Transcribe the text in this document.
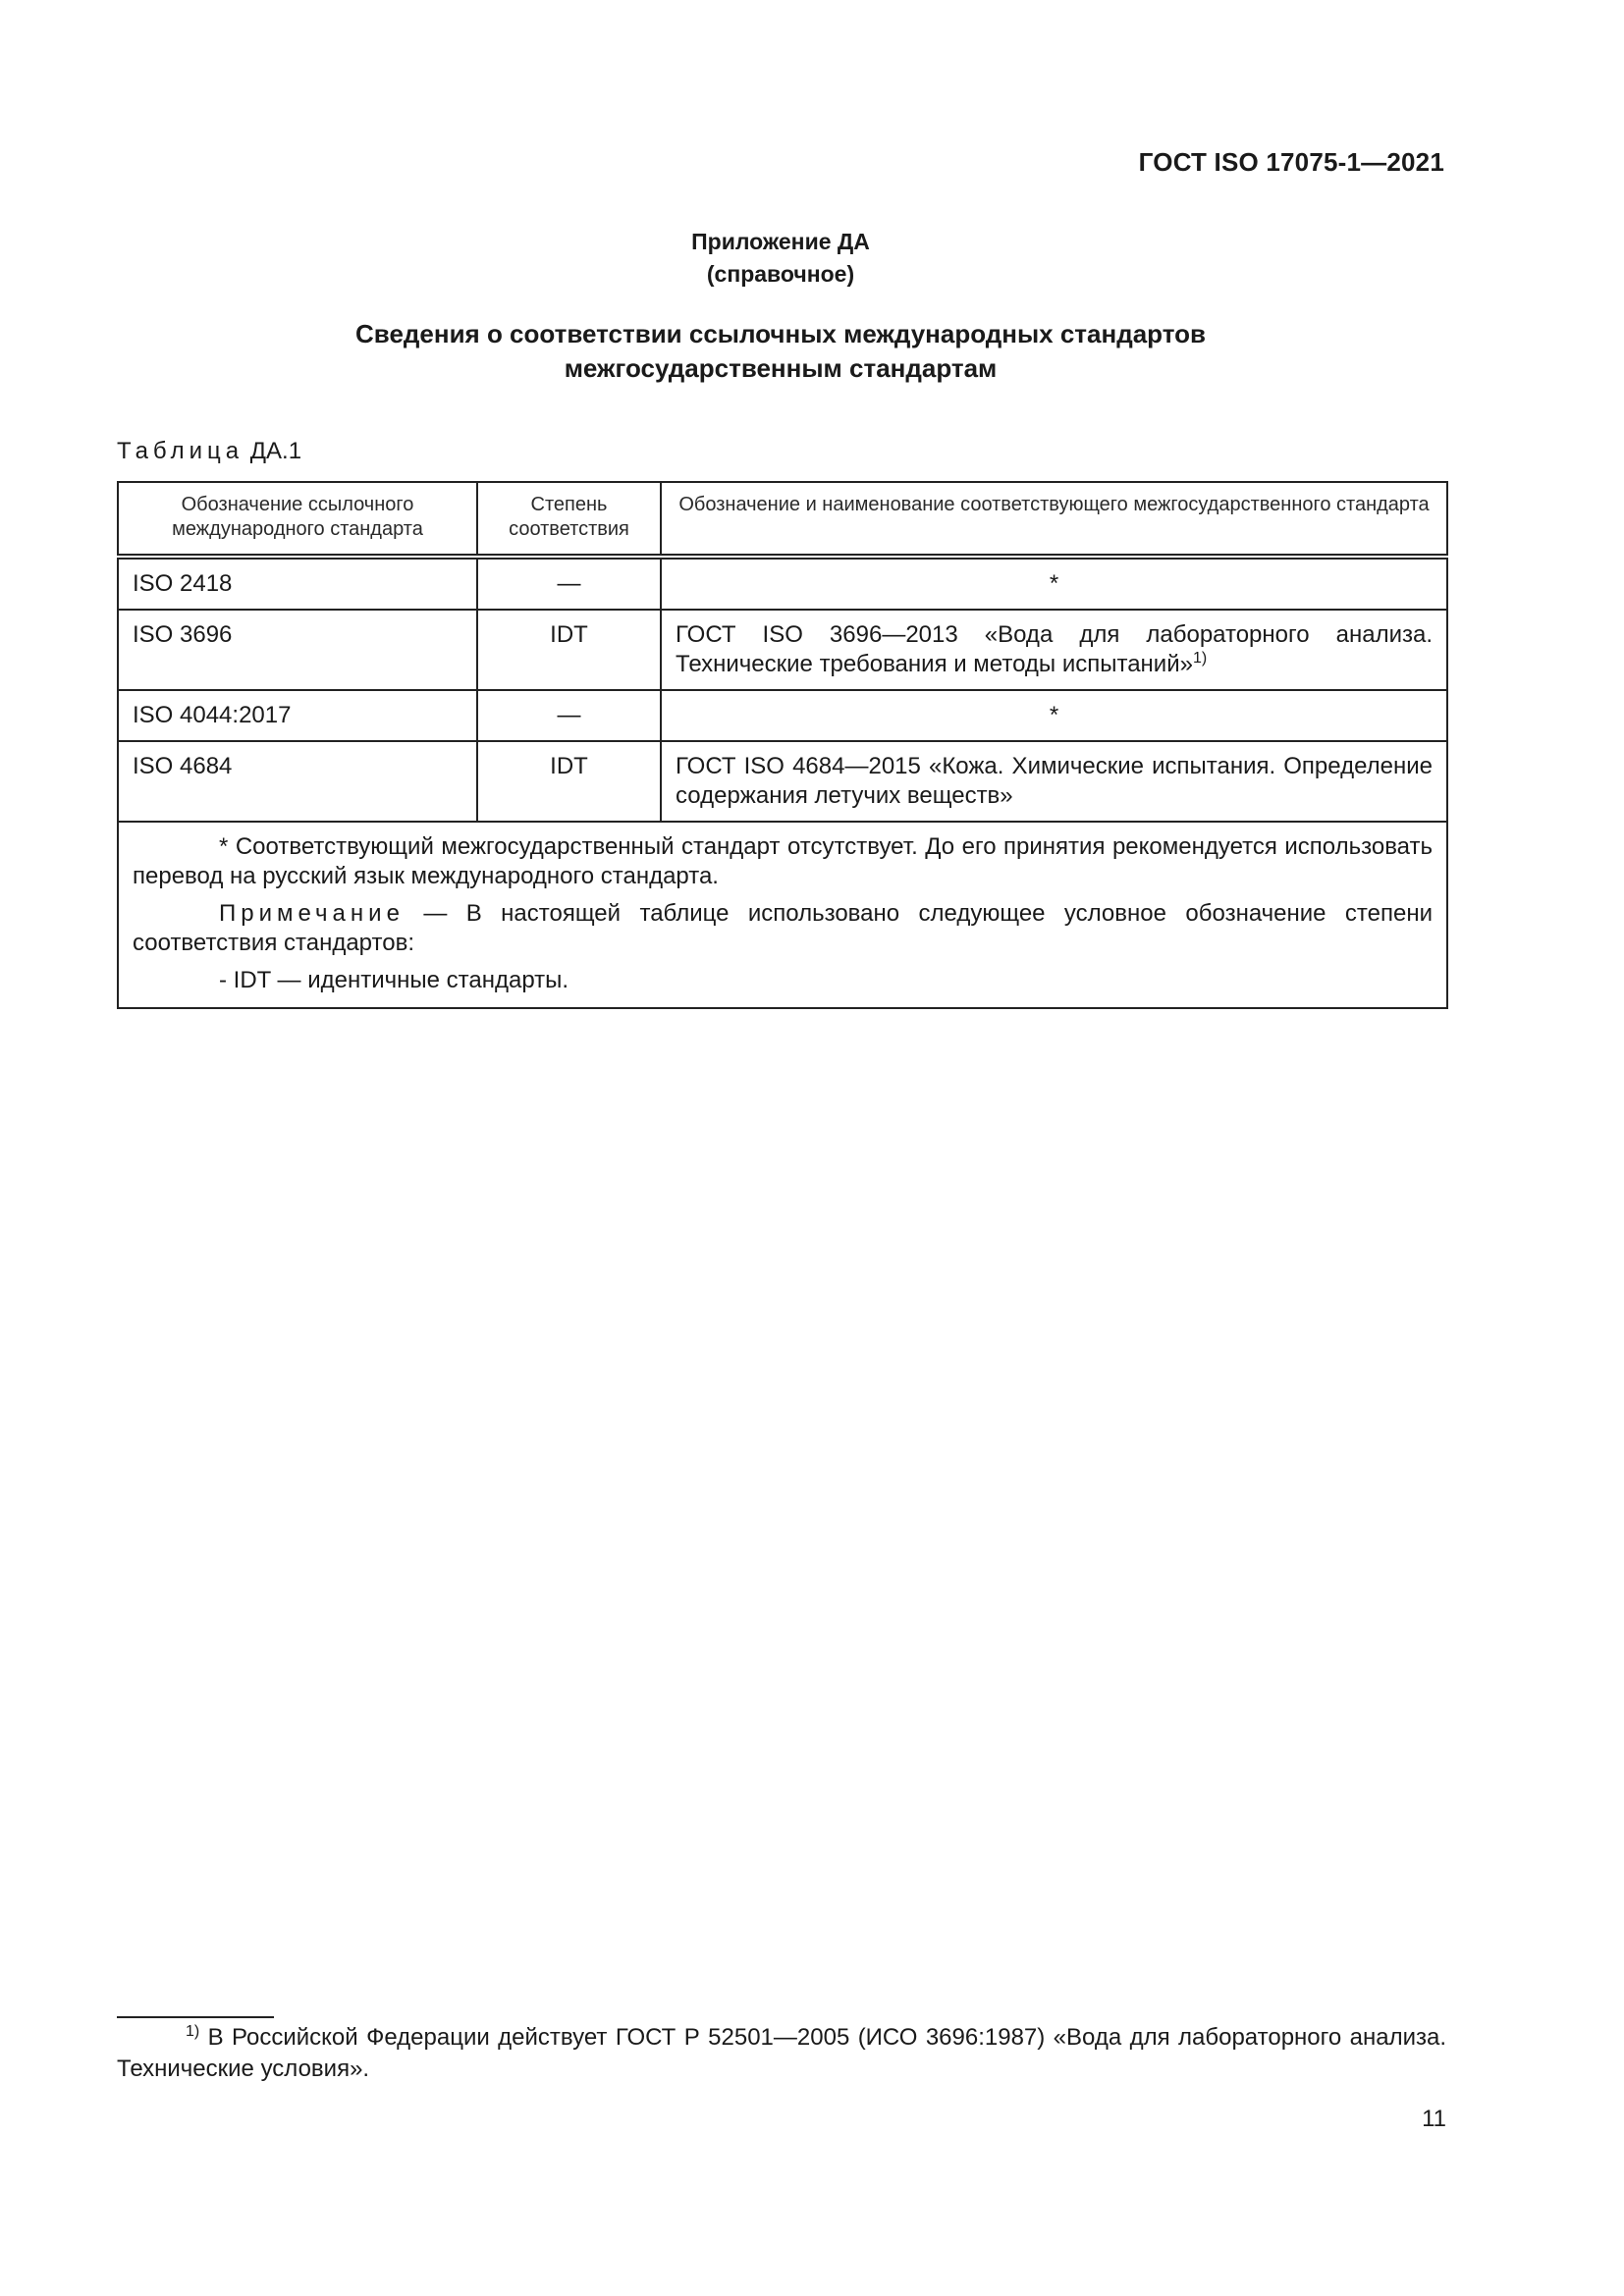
ГОСТ ISO 17075-1—2021
Приложение ДА
(справочное)
Сведения о соответствии ссылочных международных стандартов
межгосударственным стандартам
Таблица ДА.1
Обозначение ссылочного международного стандарта	Степень соответствия	Обозначение и наименование соответствующего межгосударственного стандарта
ISO 2418	—	*
ISO 3696	IDT	ГОСТ ISO 3696—2013 «Вода для лабораторного анализа. Технические требования и методы испытаний»$^{1)}$
ISO 4044:2017	—	*
ISO 4684	IDT	ГОСТ ISO 4684—2015 «Кожа. Химические испытания. Определение содержания летучих веществ»

* Соответствующий межгосударственный стандарт отсутствует. До его принятия рекомендуется использовать перевод на русский язык международного стандарта.

Примечание — В настоящей таблице использовано следующее условное обозначение степени соответствия стандартов:

- IDT — идентичные стандарты.		

$^{1)}$ В Российской Федерации действует ГОСТ Р 52501—2005 (ИСО 3696:1987) «Вода для лабораторного анализа. Технические условия».
11
